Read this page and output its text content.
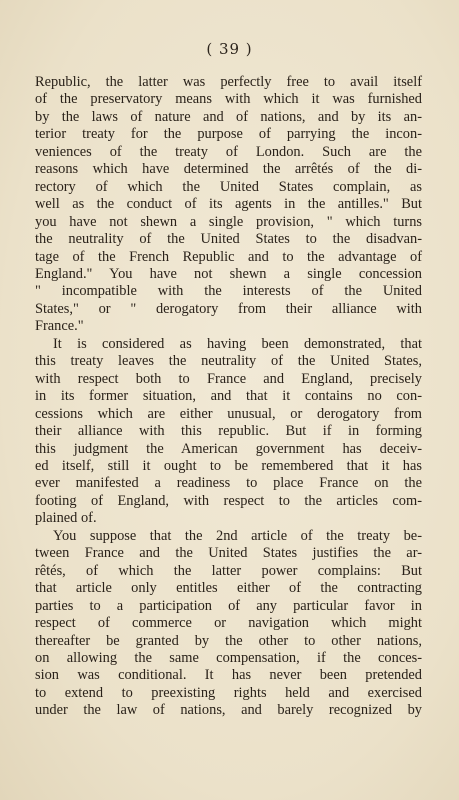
( 39 )
Republic, the latter was perfectly free to avail itself
of the preservatory means with which it was furnished
by the laws of nature and of nations, and by its an-
terior treaty for the purpose of parrying the incon-
veniences of the treaty of London. Such are the
reasons which have determined the arrêtés of the di-
rectory of which the United States complain, as
well as the conduct of its agents in the antilles." But
you have not shewn a single provision, " which turns
the neutrality of the United States to the disadvan-
tage of the French Republic and to the advantage of
England." You have not shewn a single concession
" incompatible with the interests of the United
States," or " derogatory from their alliance with
France."
It is considered as having been demonstrated, that
this treaty leaves the neutrality of the United States,
with respect both to France and England, precisely
in its former situation, and that it contains no con-
cessions which are either unusual, or derogatory from
their alliance with this republic. But if in forming
this judgment the American government has deceiv-
ed itself, still it ought to be remembered that it has
ever manifested a readiness to place France on the
footing of England, with respect to the articles com-
plained of.
You suppose that the 2nd article of the treaty be-
tween France and the United States justifies the ar-
rêtés, of which the latter power complains: But
that article only entitles either of the contracting
parties to a participation of any particular favor in
respect of commerce or navigation which might
thereafter be granted by the other to other nations,
on allowing the same compensation, if the conces-
sion was conditional. It has never been pretended
to extend to preexisting rights held and exercised
under the law of nations, and barely recognized by
